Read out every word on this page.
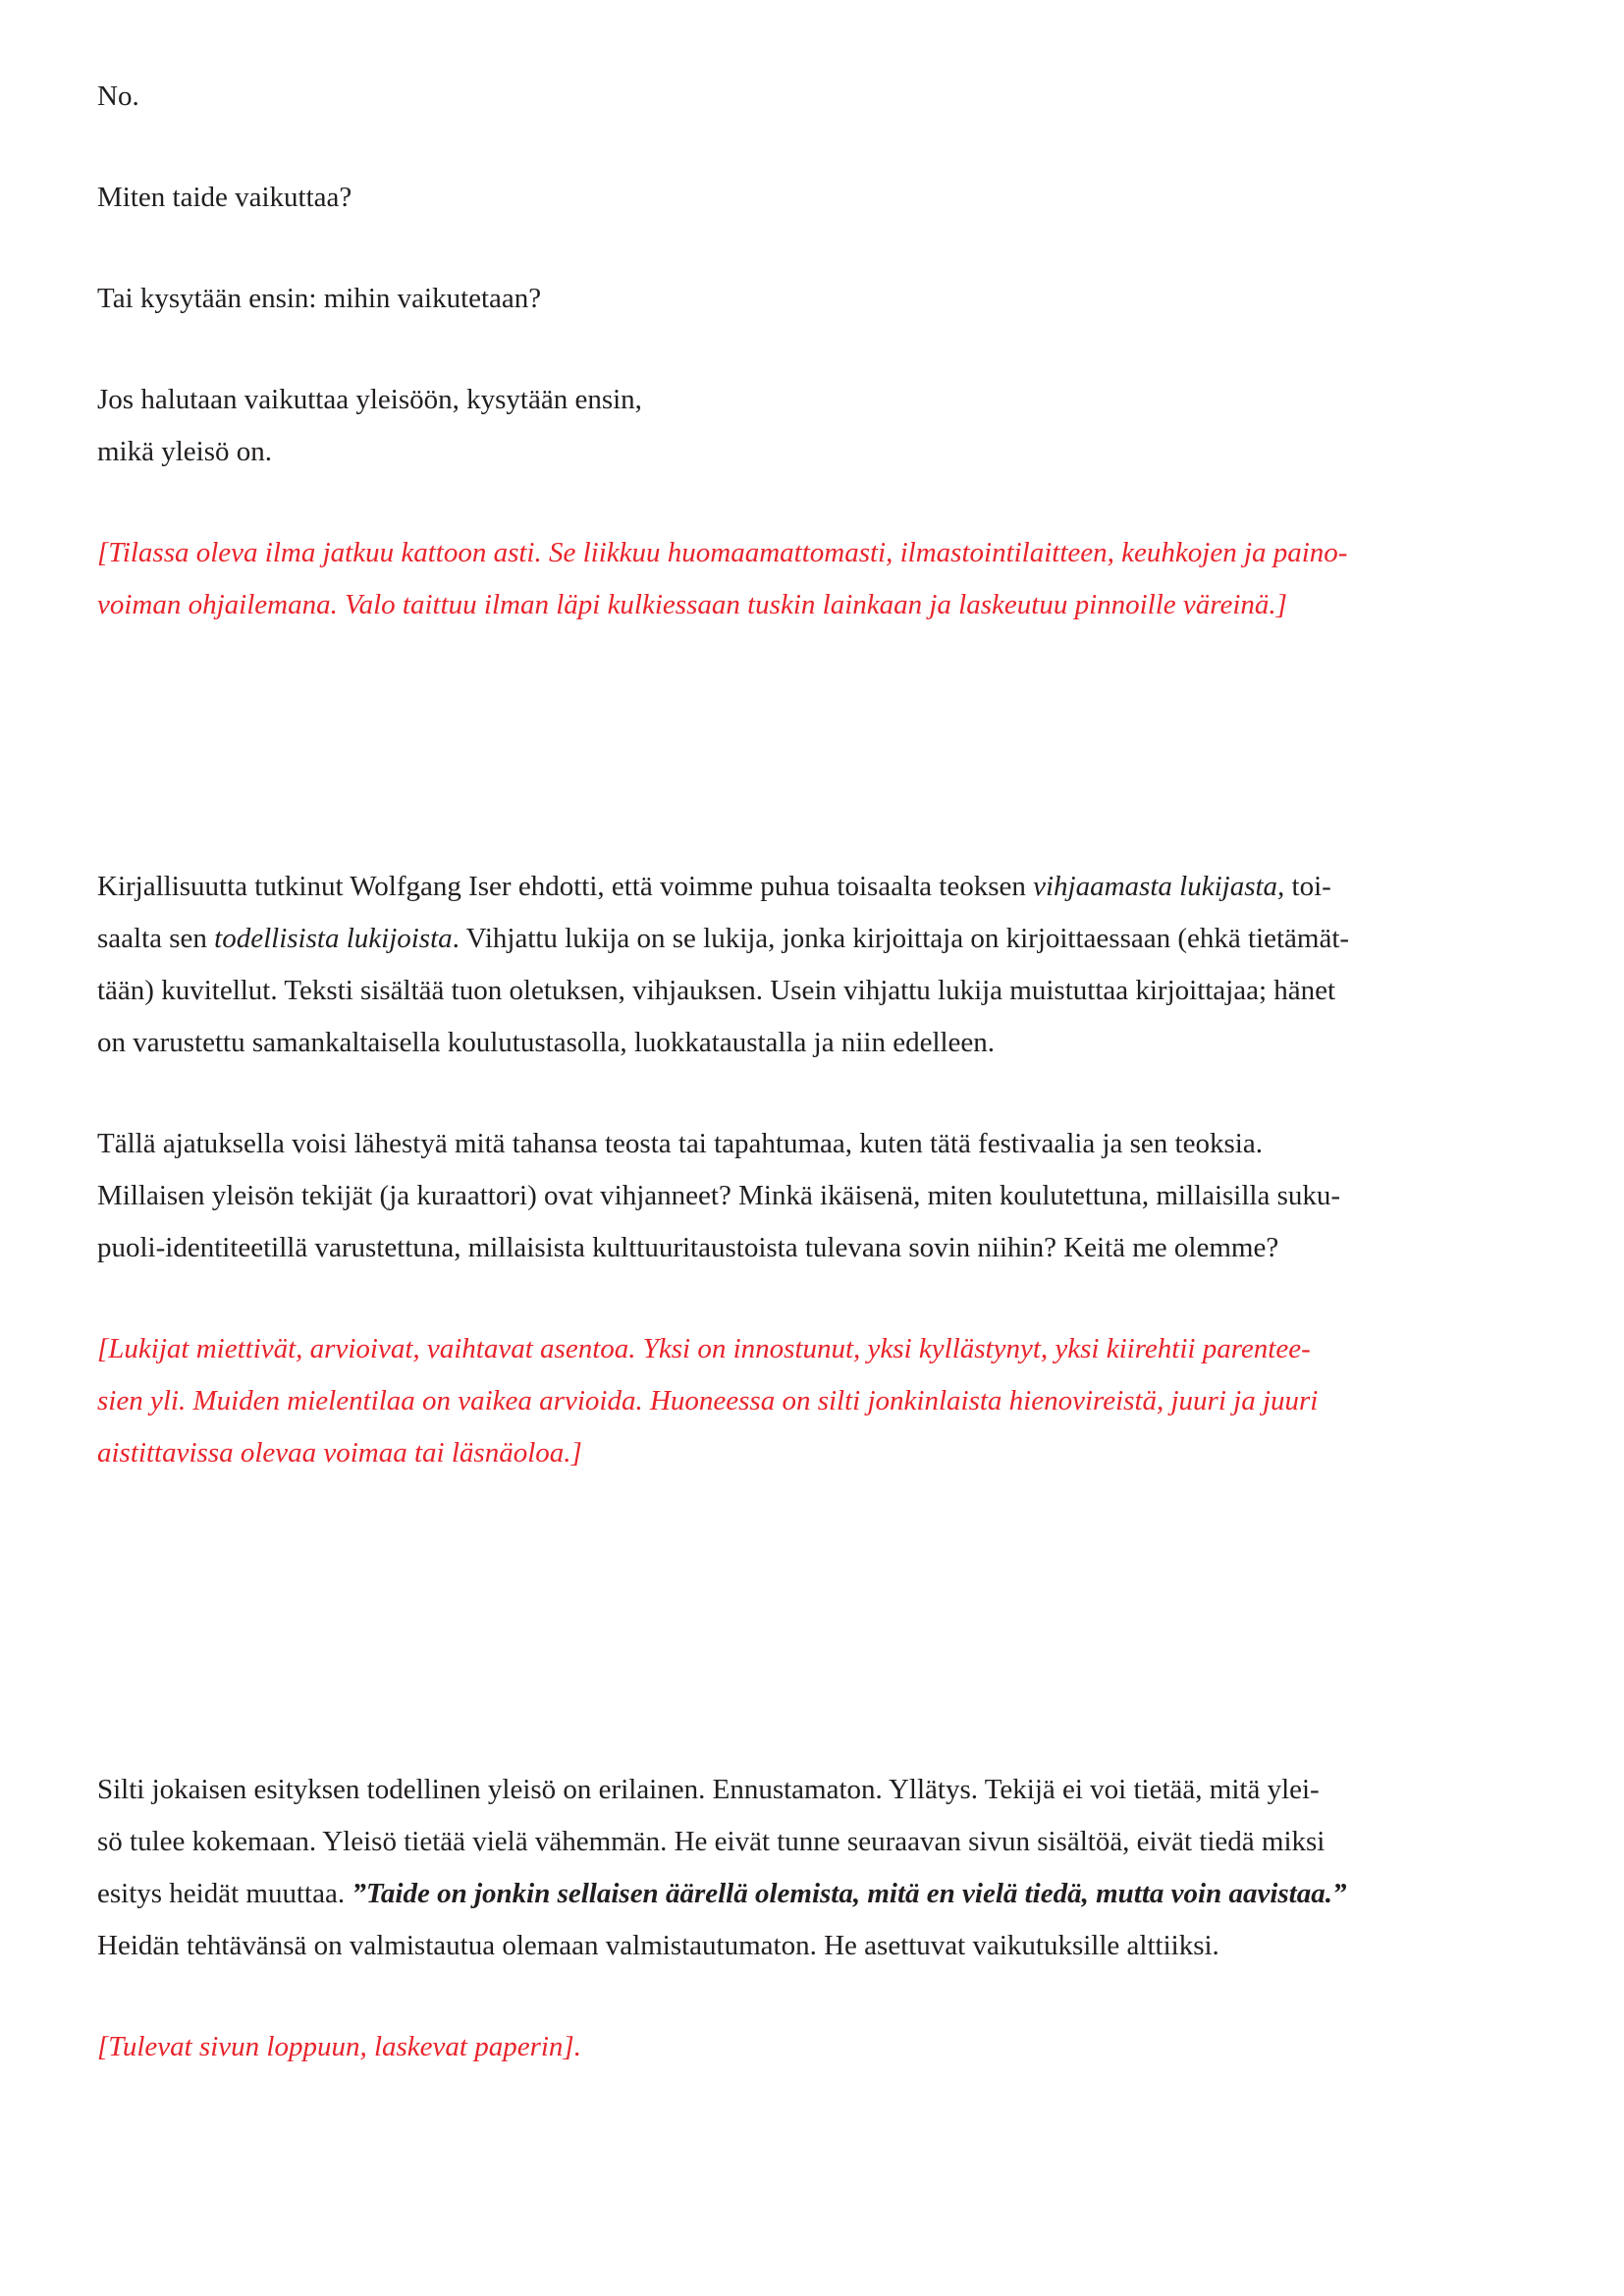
No.

Miten taide vaikuttaa?

Tai kysytään ensin: mihin vaikutetaan?

Jos halutaan vaikuttaa yleisöön, kysytään ensin,
mikä yleisö on.
[Tilassa oleva ilma jatkuu kattoon asti. Se liikkuu huomaamattomasti, ilmastointilaitteen, keuhkojen ja paino-
voiman ohjailemana. Valo taittuu ilman läpi kulkiessaan tuskin lainkaan ja laskeutuu pinnoille väreinä.]
Kirjallisuutta tutkinut Wolfgang Iser ehdotti, että voimme puhua toisaalta teoksen vihjaamasta lukijasta, toi-
saalta sen todellisista lukijoista. Vihjattu lukija on se lukija, jonka kirjoittaja on kirjoittaessaan (ehkä tietämät-
tään) kuvitellut. Teksti sisältää tuon oletuksen, vihjauksen. Usein vihjattu lukija muistuttaa kirjoittajaa; hänet
on varustettu samankaltaisella koulutustasolla, luokkataustalla ja niin edelleen.
Tällä ajatuksella voisi lähestyä mitä tahansa teosta tai tapahtumaa, kuten tätä festivaalia ja sen teoksia.
Millaisen yleisön tekijät (ja kuraattori) ovat vihjanneet? Minkä ikäisenä, miten koulutettuna, millaisilla suku-
puoli-identiteetillä varustettuna, millaisista kulttuuritaustoista tulevana sovin niihin? Keitä me olemme?
[Lukijat miettivät, arvioivat, vaihtavat asentoa. Yksi on innostunut, yksi kyllästynyt, yksi kiirehtii parentee-
sien yli. Muiden mielentilaa on vaikea arvioida. Huoneessa on silti jonkinlaista hienovireistä, juuri ja juuri
aistittavissa olevaa voimaa tai läsnäoloa.]
Silti jokaisen esityksen todellinen yleisö on erilainen. Ennustamaton. Yllätys. Tekijä ei voi tietää, mitä ylei-
sö tulee kokemaan. Yleisö tietää vielä vähemmän. He eivät tunne seuraavan sivun sisältöä, eivät tiedä miksi
esitys heidät muuttaa. ”Taide on jonkin sellaisen äärellä olemista, mitä en vielä tiedä, mutta voin aavistaa.”
Heidän tehtävänsä on valmistautua olemaan valmistautumaton. He asettuvat vaikutuksille alttiiksi.

[Tulevat sivun loppuun, laskevat paperin].
